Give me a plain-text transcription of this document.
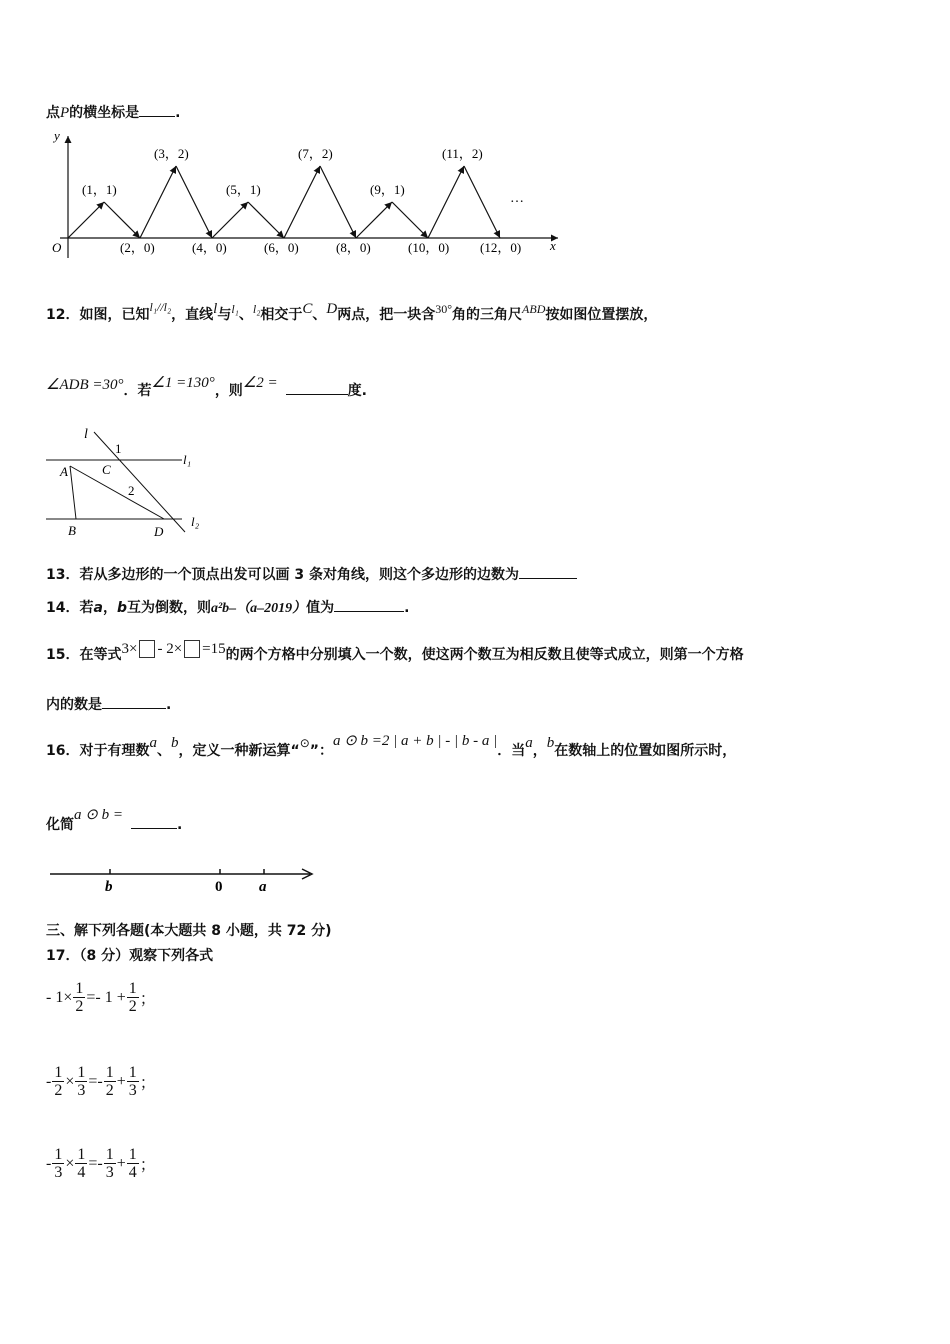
点P的横坐标是	.
y
x
O
(1，1)
(3，2)
(5，1)
(7，2)
(9，1)
(11，2)
(2，0)	(4，0)	(6，0)	(8，0)	(10，0) (12，0)
…
12．如图，已知l₁//l₂，直线l与l₁、l₂相交于C、D两点，把一块含30°角的三角尺ABD按如图位置摆放，
∠ADB =30°．若∠1 =130°，则∠2 =	度.
l
1
2
C
A
B	D
l₁
l₂
13．若从多边形的一个顶点出发可以画 3 条对角线，则这个多边形的边数为
14．若a，b互为倒数，则a²b–（a–2019）值为	.
15．在等式3× - 2× =15的两个方格中分别填入一个数，使这两个数互为相反数且使等式成立，则第一个方格
内的数是	.
16．对于有理数a、b，定义一种新运算“⊙”：a ⊙ b =2 | a + b | - | b - a |．当a，b在数轴上的位置如图所示时，
化简a ⊙ b =.
b	0 a
三、解下列各题(本大题共 8 小题，共 72 分)
17．（8 分）观察下列各式
- $1\times \frac{1}{2} =- 1 + \frac{1}{2}$ ；
- $\frac{1}{2} \times \frac{1}{3} =- \frac{1}{2} + \frac{1}{3}$ ；
- $\frac{1}{3} \times \frac{1}{4} =- \frac{1}{3} + \frac{1}{4}$ ；
